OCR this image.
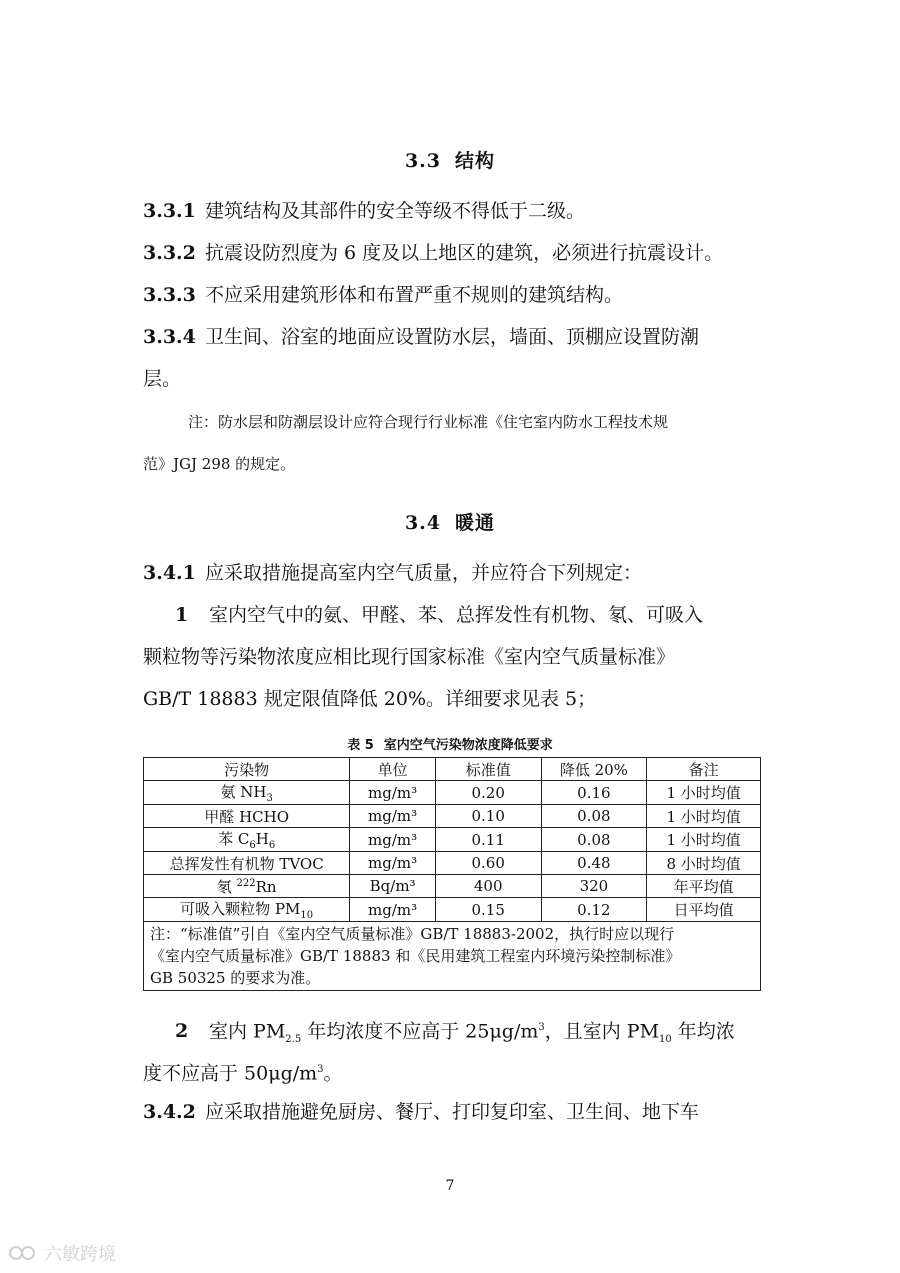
3.3 结构
3.3.1 建筑结构及其部件的安全等级不得低于二级。
3.3.2 抗震设防烈度为 6 度及以上地区的建筑，必须进行抗震设计。
3.3.3 不应采用建筑形体和布置严重不规则的建筑结构。
3.3.4 卫生间、浴室的地面应设置防水层，墙面、顶棚应设置防潮
层。
注：防水层和防潮层设计应符合现行行业标准《住宅室内防水工程技术规
范》JGJ 298 的规定。
3.4 暖通
3.4.1 应采取措施提高室内空气质量，并应符合下列规定：
1 室内空气中的氨、甲醛、苯、总挥发性有机物、氡、可吸入
颗粒物等污染物浓度应相比现行国家标准《室内空气质量标准》
GB/T 18883 规定限值降低 20%。详细要求见表 5；
表 5 室内空气污染物浓度降低要求
污染物	单位	标准值	降低 20%	备注
氨 $NH_3$	mg/m³	0.20	0.16	1 小时均值
甲醛 HCHO	mg/m³	0.10	0.08	1 小时均值
苯 $C_6H_6$	mg/m³	0.11	0.08	1 小时均值
总挥发性有机物 TVOC	mg/m³	0.60	0.48	8 小时均值
氡 $^{222}$Rn	Bq/m³	400	320	年平均值
可吸入颗粒物 $PM_{10}$	mg/m³	0.15	0.12	日平均值

注：“标准值”引自《室内空气质量标准》GB/T 18883-2002，执行时应以现行
《室内空气质量标准》GB/T 18883 和《民用建筑工程室内环境污染控制标准》
GB 50325 的要求为准。				
2 室内 $PM_{2.5}$ 年均浓度不应高于 $25\mu g/m^3$，且室内 $PM_{10}$ 年均浓
度不应高于 $50\mu g/m^3$。
3.4.2 应采取措施避免厨房、餐厅、打印复印室、卫生间、地下车
7
六敏跨境
